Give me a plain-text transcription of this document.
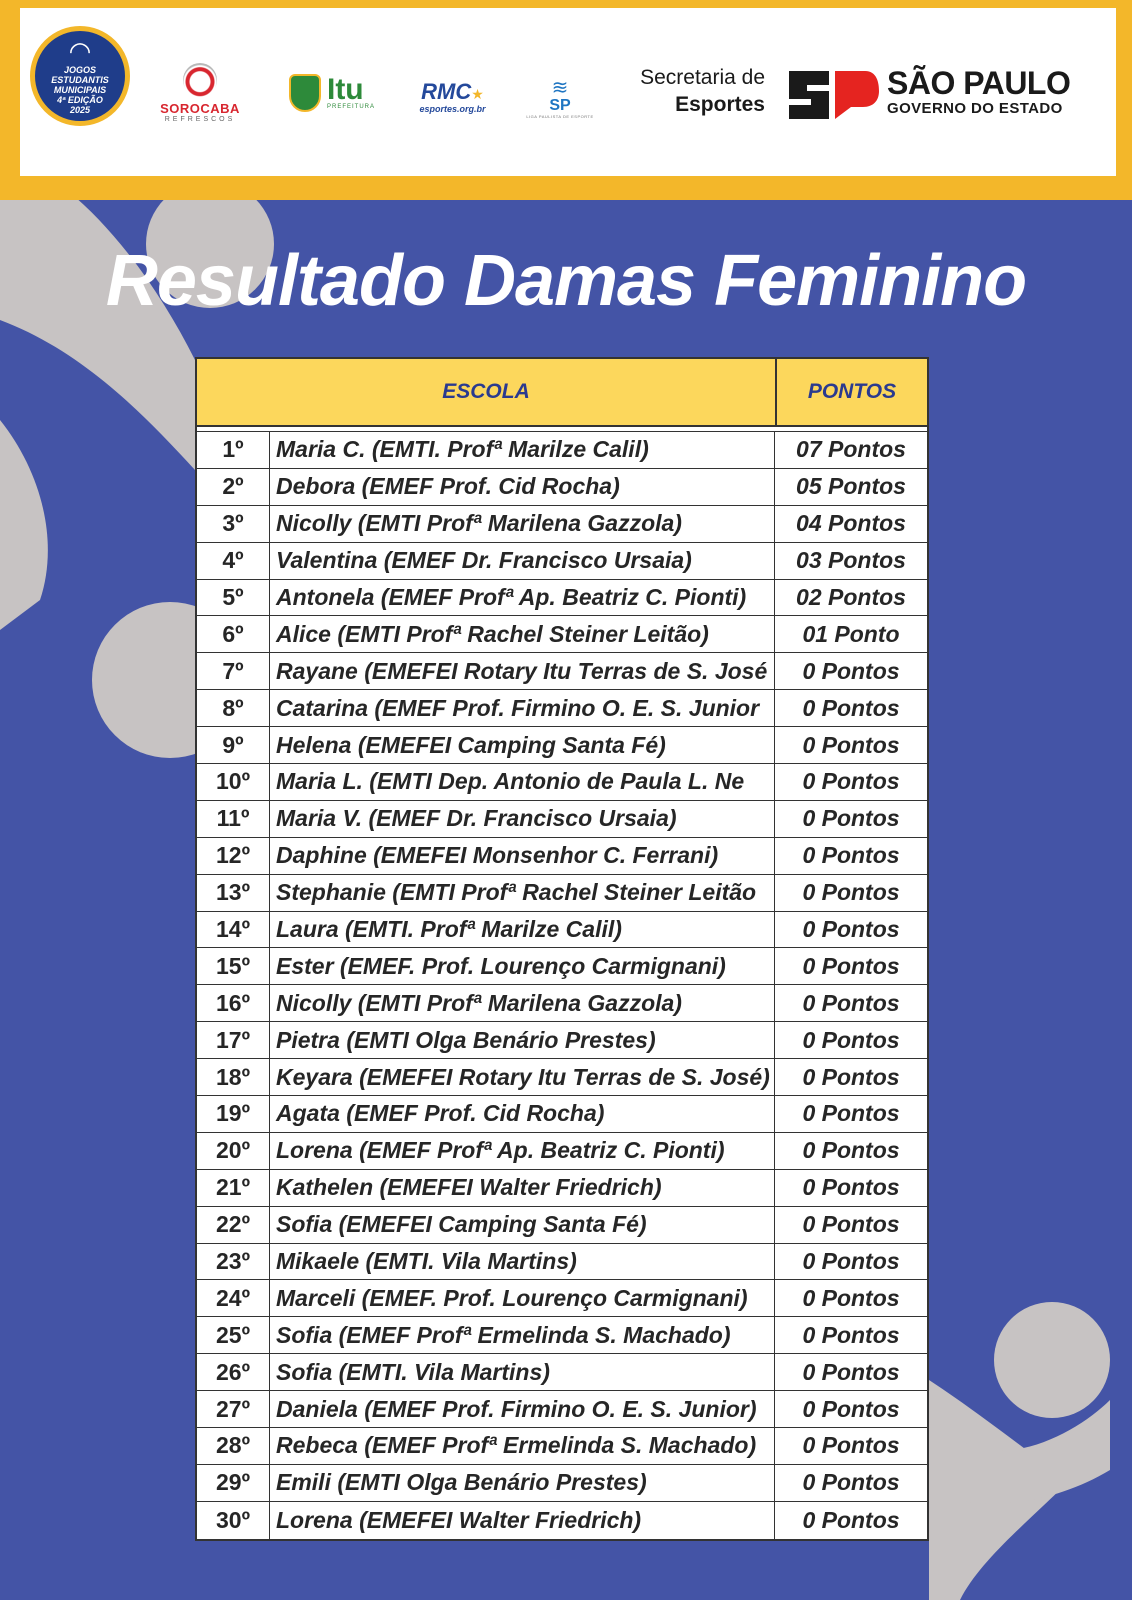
◠
JOGOS ESTUDANTIS
MUNICIPAIS
4ª EDIÇÃO
2025	SOROCABA
REFRESCOS
Itu
PREFEITURA
RMC★
esportes.org.br
≋
SP
LIGA PAULISTA DE ESPORTE
Secretaria de
Esportes
SÃO PAULO
GOVERNO DO ESTADO
Resultado Damas Feminino
ESCOLA	PONTOS
1º	Maria C. (EMTI. Profª Marilze Calil)	07 Pontos
2º	Debora (EMEF Prof. Cid Rocha)	05 Pontos
3º	Nicolly (EMTI Profª Marilena Gazzola)	04 Pontos
4º	Valentina (EMEF Dr. Francisco Ursaia)	03 Pontos
5º	Antonela (EMEF Profª Ap. Beatriz C. Pionti)	02 Pontos
6º	Alice (EMTI Profª Rachel Steiner Leitão)	01 Ponto
7º	Rayane (EMEFEI Rotary Itu Terras de S. José	0 Pontos
8º	Catarina (EMEF Prof. Firmino O. E. S. Junior	0 Pontos
9º	Helena (EMEFEI Camping Santa Fé)	0 Pontos
10º	Maria L. (EMTI Dep. Antonio de Paula L. Ne	0 Pontos
11º	Maria V. (EMEF Dr. Francisco Ursaia)	0 Pontos
12º	Daphine (EMEFEI Monsenhor C. Ferrani)	0 Pontos
13º	Stephanie (EMTI Profª Rachel Steiner Leitão	0 Pontos
14º	Laura (EMTI. Profª Marilze Calil)	0 Pontos
15º	Ester (EMEF. Prof. Lourenço Carmignani)	0 Pontos
16º	Nicolly (EMTI Profª Marilena Gazzola)	0 Pontos
17º	Pietra (EMTI Olga Benário Prestes)	0 Pontos
18º	Keyara (EMEFEI Rotary Itu Terras de S. José)	0 Pontos
19º	Agata (EMEF Prof. Cid Rocha)	0 Pontos
20º	Lorena (EMEF Profª Ap. Beatriz C. Pionti)	0 Pontos
21º	Kathelen (EMEFEI Walter Friedrich)	0 Pontos
22º	Sofia (EMEFEI Camping Santa Fé)	0 Pontos
23º	Mikaele (EMTI. Vila Martins)	0 Pontos
24º	Marceli (EMEF. Prof. Lourenço Carmignani)	0 Pontos
25º	Sofia (EMEF Profª Ermelinda S. Machado)	0 Pontos
26º	Sofia (EMTI. Vila Martins)	0 Pontos
27º	Daniela (EMEF Prof. Firmino O. E. S. Junior)	0 Pontos
28º	Rebeca (EMEF Profª Ermelinda S. Machado)	0 Pontos
29º	Emili (EMTI Olga Benário Prestes)	0 Pontos
30º	Lorena (EMEFEI Walter Friedrich)	0 Pontos
